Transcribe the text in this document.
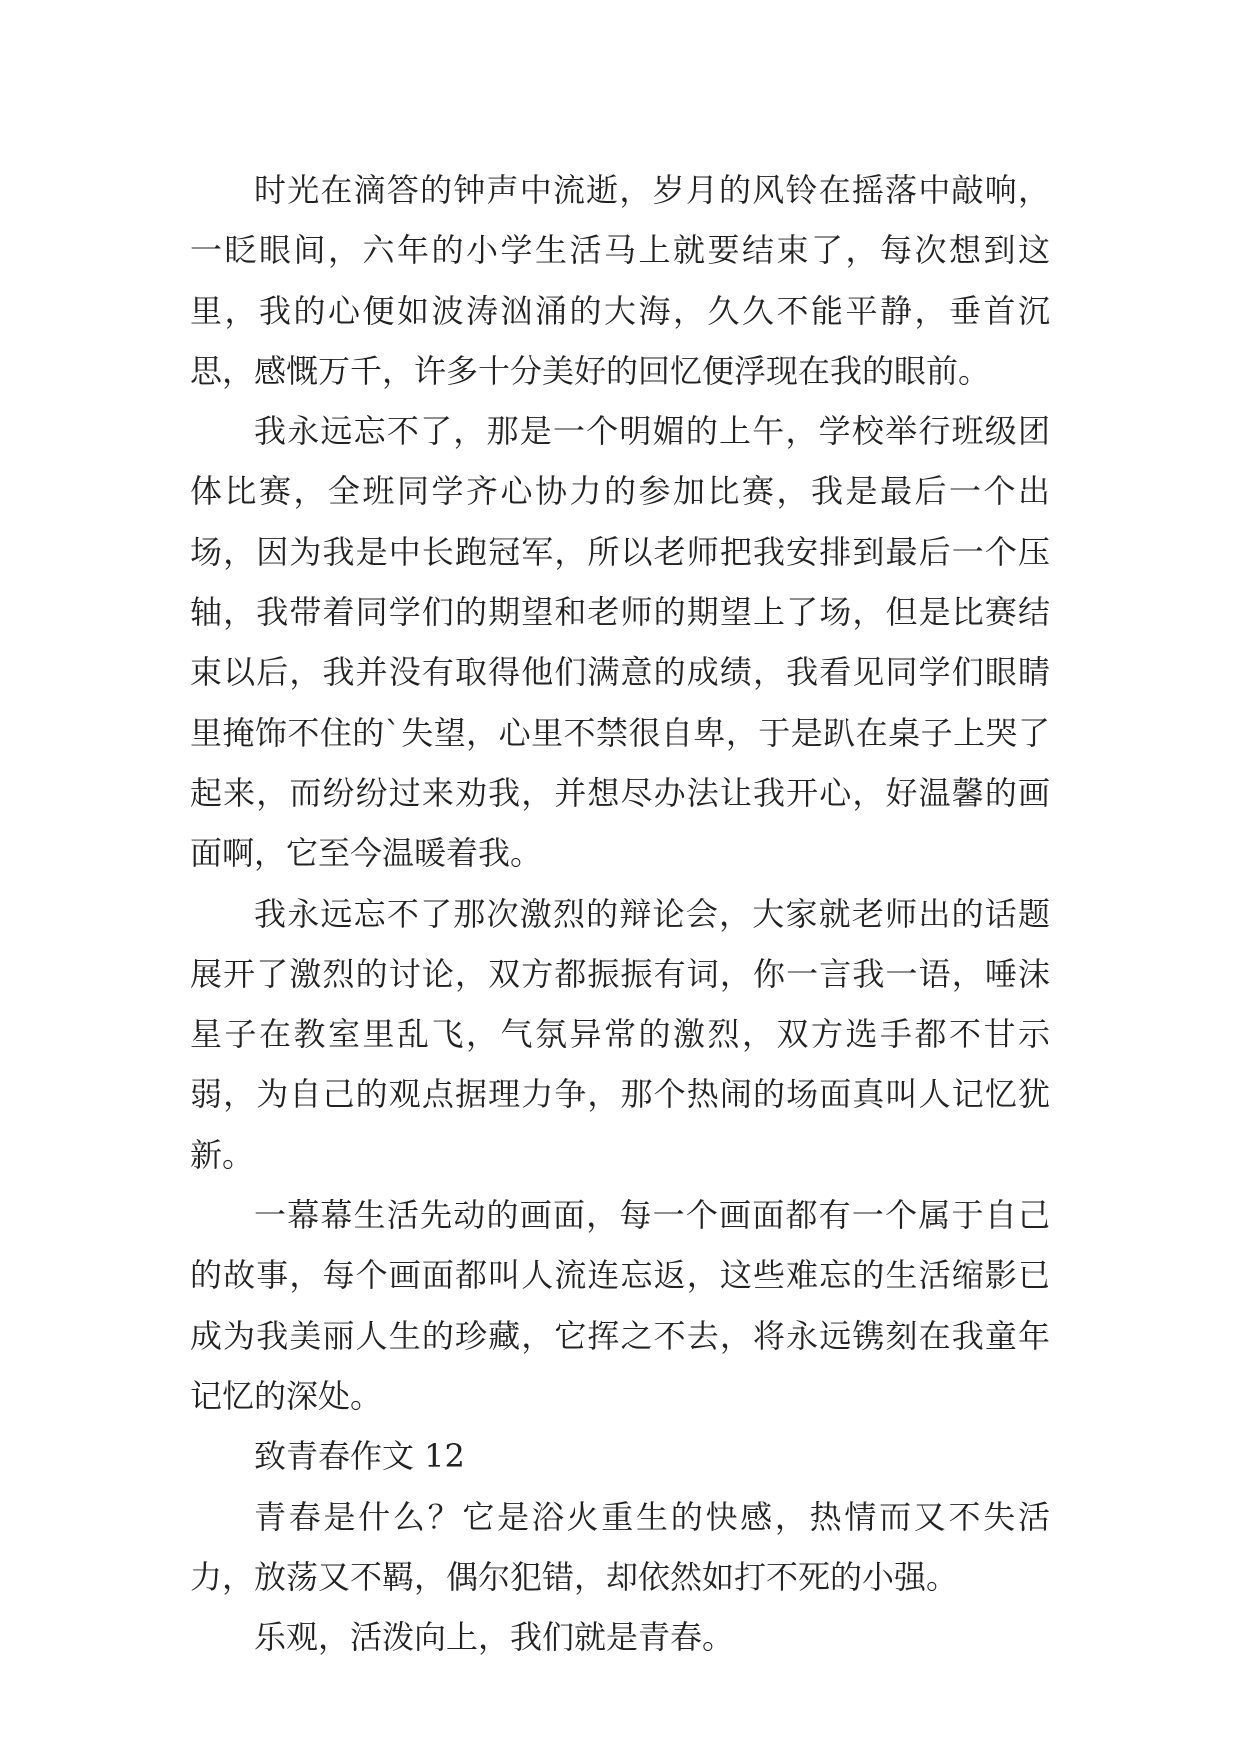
时光在滴答的钟声中流逝，岁月的风铃在摇落中敲响，一眨眼间，六年的小学生活马上就要结束了，每次想到这里，我的心便如波涛汹涌的大海，久久不能平静，垂首沉思，感慨万千，许多十分美好的回忆便浮现在我的眼前。

我永远忘不了，那是一个明媚的上午，学校举行班级团体比赛，全班同学齐心协力的参加比赛，我是最后一个出场，因为我是中长跑冠军，所以老师把我安排到最后一个压轴，我带着同学们的期望和老师的期望上了场，但是比赛结束以后，我并没有取得他们满意的成绩，我看见同学们眼睛里掩饰不住的`失望，心里不禁很自卑，于是趴在桌子上哭了起来，而纷纷过来劝我，并想尽办法让我开心，好温馨的画面啊，它至今温暖着我。

我永远忘不了那次激烈的辩论会，大家就老师出的话题展开了激烈的讨论，双方都振振有词，你一言我一语，唾沫星子在教室里乱飞，气氛异常的激烈，双方选手都不甘示弱，为自己的观点据理力争，那个热闹的场面真叫人记忆犹新。

一幕幕生活先动的画面，每一个画面都有一个属于自己的故事，每个画面都叫人流连忘返，这些难忘的生活缩影已成为我美丽人生的珍藏，它挥之不去，将永远镌刻在我童年记忆的深处。

致青春作文 12

青春是什么？它是浴火重生的快感，热情而又不失活力，放荡又不羁，偶尔犯错，却依然如打不死的小强。

乐观，活泼向上，我们就是青春。
